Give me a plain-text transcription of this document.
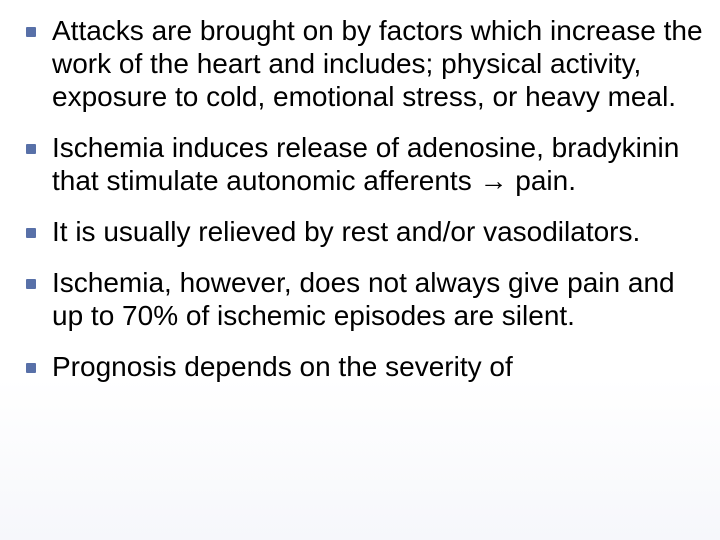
Attacks are brought on by factors which increase the work of the heart and includes; physical activity, exposure to cold, emotional stress, or heavy meal.
Ischemia induces release of adenosine, bradykinin that stimulate autonomic afferents → pain.
It is usually relieved by rest and/or vasodilators.
Ischemia, however, does not always give pain and up to 70% of ischemic episodes are silent.
Prognosis depends on the severity of
